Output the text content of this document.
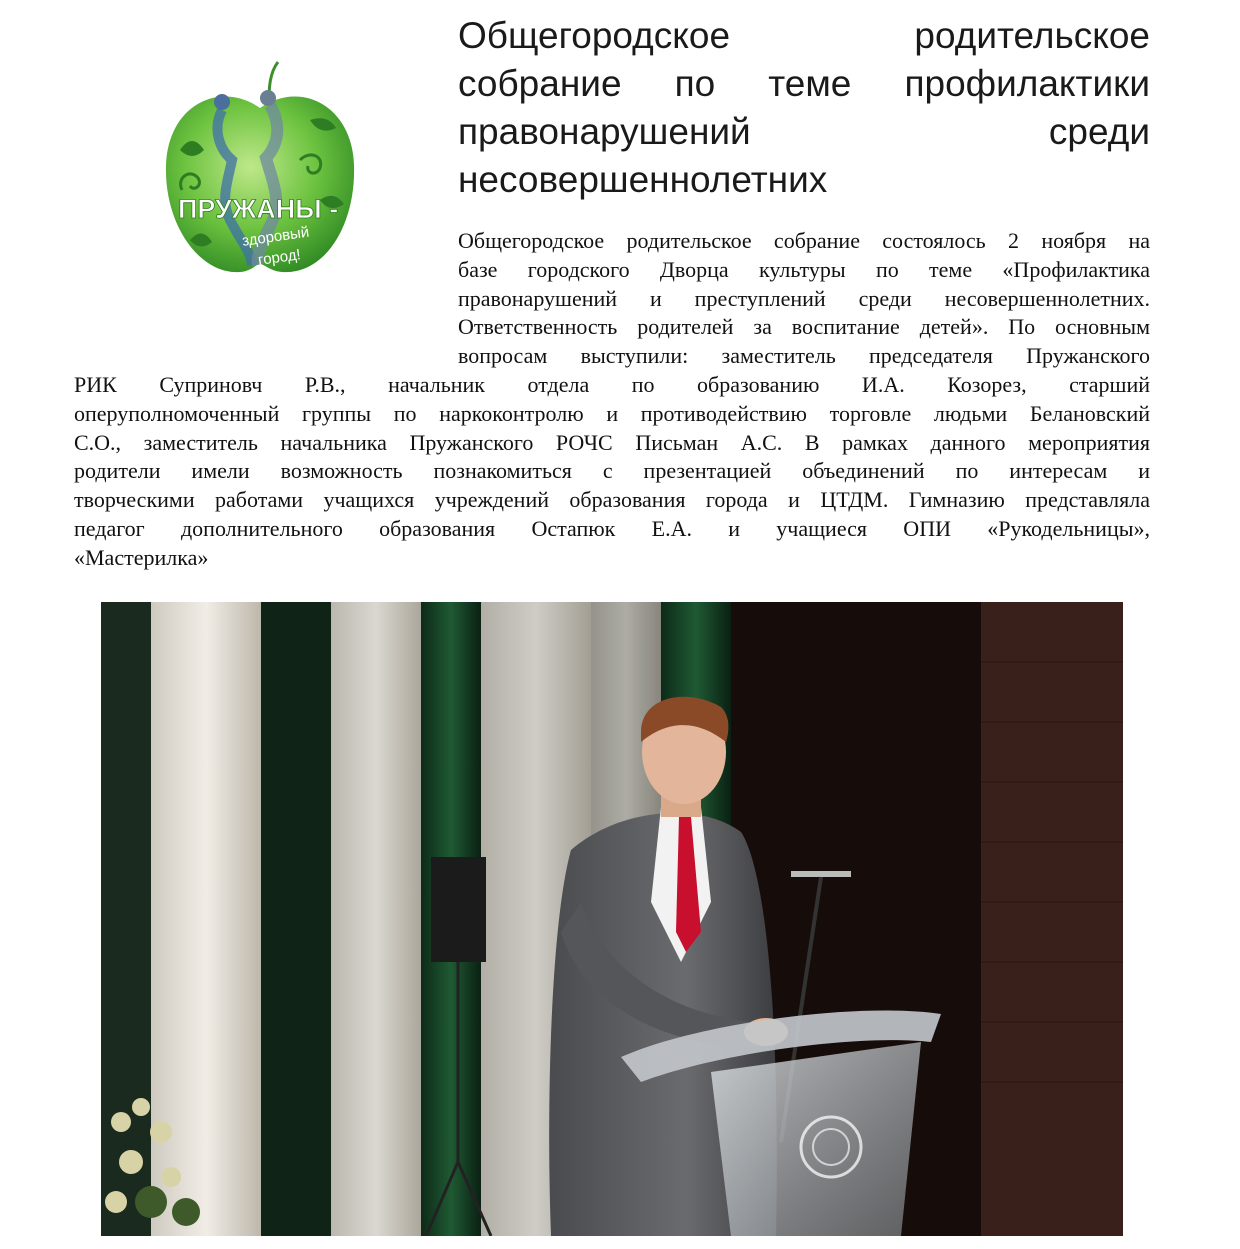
ПРУЖАНЫ -
здоровый
город!
Общегородское родительское
собрание по теме профилактики
правонарушений среди
несовершеннолетних
Общегородское родительское собрание состоялось 2 ноября на
базе городского Дворца культуры по теме «Профилактика
правонарушений и преступлений среди несовершеннолетних.
Ответственность родителей за воспитание детей». По основным
вопросам выступили: заместитель председателя Пружанского
РИК Суприновч Р.В., начальник отдела по образованию И.А. Козорез, старший
оперуполномоченный группы по наркоконтролю и противодействию торговле людьми Белановский
С.О., заместитель начальника Пружанского РОЧС Письман А.С. В рамках данного мероприятия
родители имели возможность познакомиться с презентацией объединений по интересам и
творческими работами учащихся учреждений образования города и ЦТДМ. Гимназию представляла
педагог дополнительного образования Остапюк Е.А. и учащиеся ОПИ «Рукодельницы»,
«Мастерилка»
